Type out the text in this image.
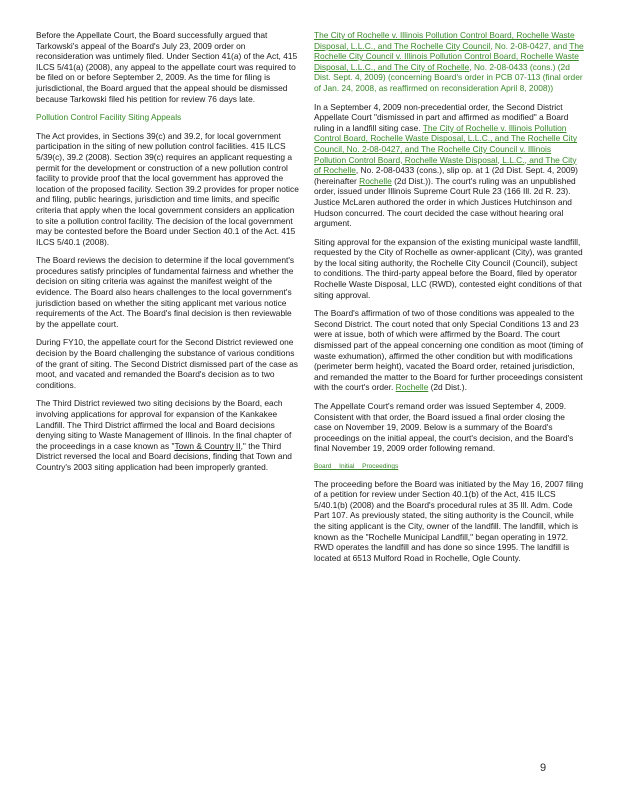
Before the Appellate Court, the Board successfully argued that Tarkowski's appeal of the Board's July 23, 2009 order on reconsideration was untimely filed. Under Section 41(a) of the Act, 415 ILCS 5/41(a) (2008), any appeal to the appellate court was required to be filed on or before September 2, 2009. As the time for filing is jurisdictional, the Board argued that the appeal should be dismissed because Tarkowski filed his petition for review 76 days late.

Pollution Control Facility Siting Appeals

The Act provides, in Sections 39(c) and 39.2, for local government participation in the siting of new pollution control facilities. 415 ILCS 5/39(c), 39.2 (2008). Section 39(c) requires an applicant requesting a permit for the development or construction of a new pollution control facility to provide proof that the local government has approved the location of the proposed facility. Section 39.2 provides for proper notice and filing, public hearings, jurisdiction and time limits, and specific criteria that apply when the local government considers an application to site a pollution control facility. The decision of the local government may be contested before the Board under Section 40.1 of the Act. 415 ILCS 5/40.1 (2008).

The Board reviews the decision to determine if the local government's procedures satisfy principles of fundamental fairness and whether the decision on siting criteria was against the manifest weight of the evidence. The Board also hears challenges to the local government's jurisdiction based on whether the siting applicant met various notice requirements of the Act. The Board's final decision is then reviewable by the appellate court.

During FY10, the appellate court for the Second District reviewed one decision by the Board challenging the substance of various conditions of the grant of siting. The Second District dismissed part of the case as moot, and vacated and remanded the Board's decision as to two conditions.

The Third District reviewed two siting decisions by the Board, each involving applications for approval for expansion of the Kankakee Landfill. The Third District affirmed the local and Board decisions denying siting to Waste Management of Illinois. In the final chapter of the proceedings in a case known as "Town & Country II," the Third District reversed the local and Board decisions, finding that Town and Country's 2003 siting application had been improperly granted.

The City of Rochelle v. Illinois Pollution Control Board, Rochelle Waste Disposal, L.L.C., and The Rochelle City Council, No. 2-08-0427, and The Rochelle City Council v. Illinois Pollution Control Board, Rochelle Waste Disposal, L.L.C., and The City of Rochelle, No. 2-08-0433 (cons.) (2d Dist. Sept. 4, 2009) (concerning Board's order in PCB 07-113 (final order of Jan. 24, 2008, as reaffirmed on reconsideration April 8, 2008))

In a September 4, 2009 non-precedential order, the Second District Appellate Court "dismissed in part and affirmed as modified" a Board ruling in a landfill siting case. The City of Rochelle v. Illinois Pollution Control Board, Rochelle Waste Disposal, L.L.C., and The Rochelle City Council, No. 2-08-0427, and The Rochelle City Council v. Illinois Pollution Control Board, Rochelle Waste Disposal, L.L.C., and The City of Rochelle, No. 2-08-0433 (cons.), slip op. at 1 (2d Dist. Sept. 4, 2009) (hereinafter Rochelle (2d Dist.)). The court's ruling was an unpublished order, issued under Illinois Supreme Court Rule 23 (166 Ill. 2d R. 23). Justice McLaren authored the order in which Justices Hutchinson and Hudson concurred. The court decided the case without hearing oral argument.

Siting approval for the expansion of the existing municipal waste landfill, requested by the City of Rochelle as owner-applicant (City), was granted by the local siting authority, the Rochelle City Council (Council), subject to conditions. The third-party appeal before the Board, filed by operator Rochelle Waste Disposal, LLC (RWD), contested eight conditions of that siting approval.

The Board's affirmation of two of those conditions was appealed to the Second District. The court noted that only Special Conditions 13 and 23 were at issue, both of which were affirmed by the Board. The court dismissed part of the appeal concerning one condition as moot (timing of waste exhumation), affirmed the other condition but with modifications (perimeter berm height), vacated the Board order, retained jurisdiction, and remanded the matter to the Board for further proceedings consistent with the court's order. Rochelle (2d Dist.).

The Appellate Court's remand order was issued September 4, 2009. Consistent with that order, the Board issued a final order closing the case on November 19, 2009. Below is a summary of the Board's proceedings on the initial appeal, the court's decision, and the Board's final November 19, 2009 order following remand.

Board Initial Proceedings

The proceeding before the Board was initiated by the May 16, 2007 filing of a petition for review under Section 40.1(b) of the Act, 415 ILCS 5/40.1(b) (2008) and the Board's procedural rules at 35 Ill. Adm. Code Part 107. As previously stated, the siting authority is the Council, while the siting applicant is the City, owner of the landfill. The landfill, which is known as the "Rochelle Municipal Landfill," began operating in 1972. RWD operates the landfill and has done so since 1995. The landfill is located at 6513 Mulford Road in Rochelle, Ogle County.

9
